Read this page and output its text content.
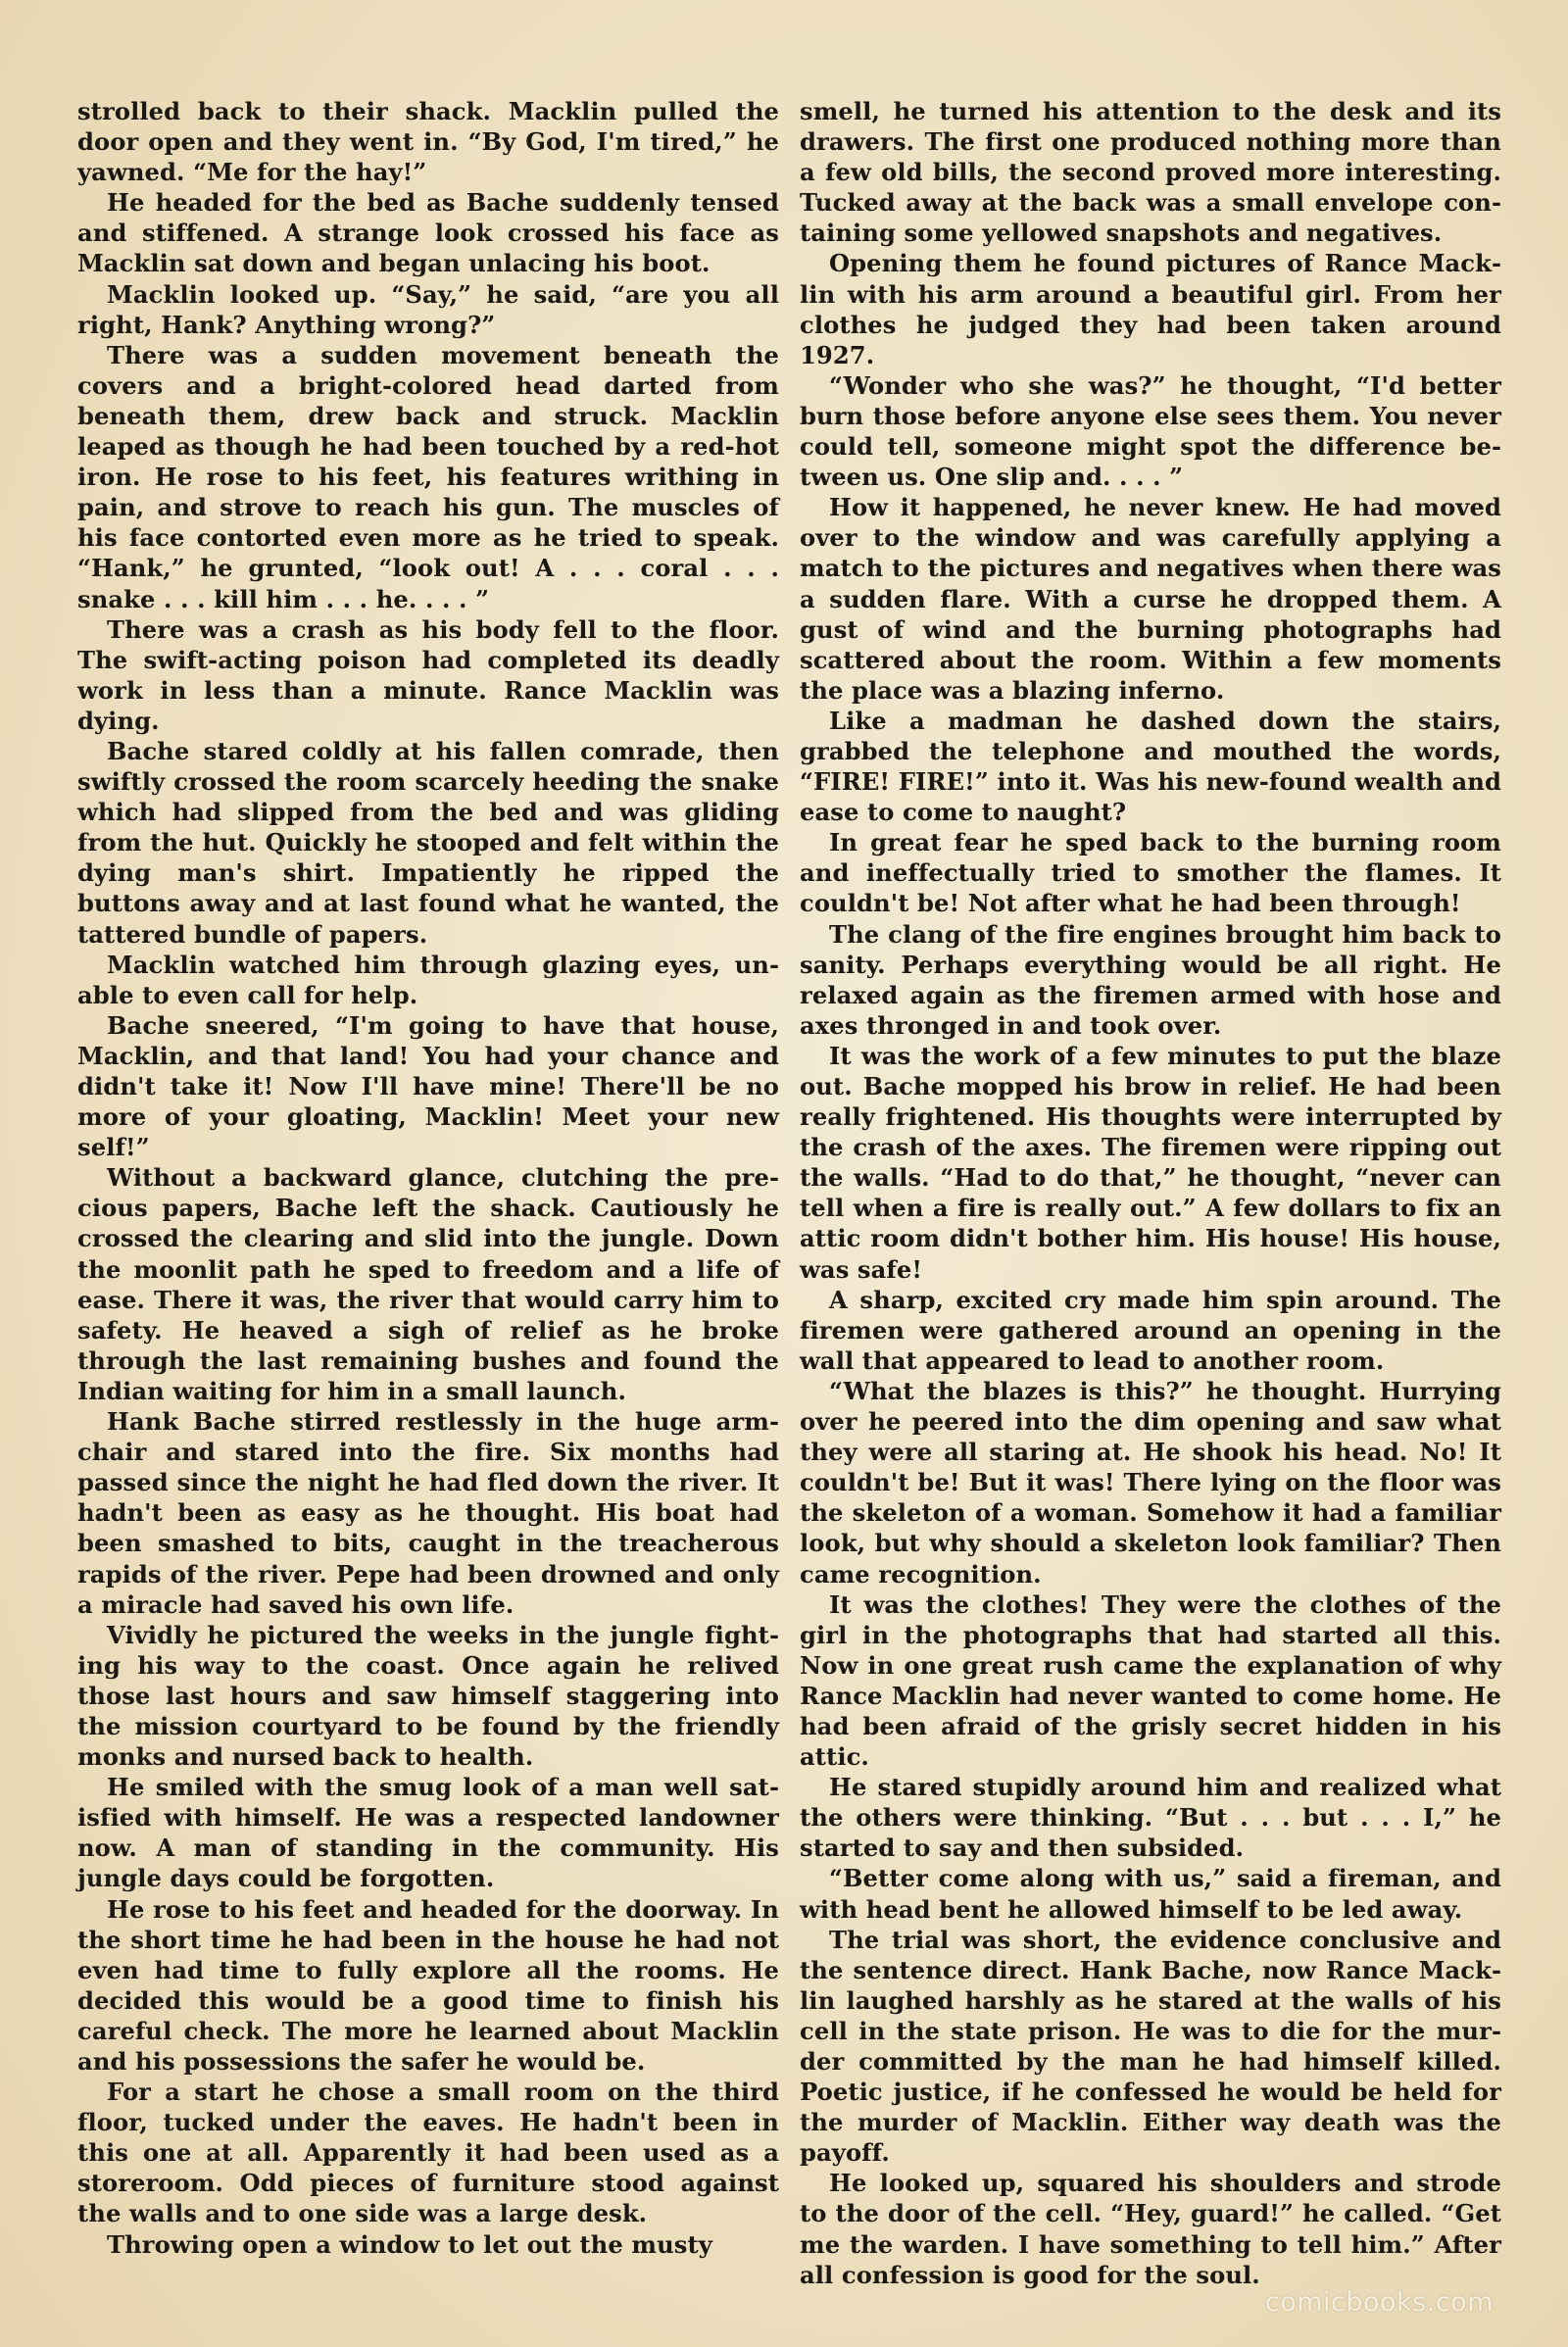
strolled back to their shack. Macklin pulled the door open and they went in. “By God, I'm tired,” he yawned. “Me for the hay!”

He headed for the bed as Bache suddenly tensed and stiffened. A strange look crossed his face as Macklin sat down and began unlacing his boot.

Macklin looked up. “Say,” he said, “are you all right, Hank? Anything wrong?”

There was a sudden movement beneath the covers and a bright-colored head darted from beneath them, drew back and struck. Macklin leaped as though he had been touched by a red-hot iron. He rose to his feet, his features writhing in pain, and strove to reach his gun. The muscles of his face contorted even more as he tried to speak. “Hank,” he grunted, “look out! A . . . coral . . . snake . . . kill him . . . he. . . . ”

There was a crash as his body fell to the floor. The swift-acting poison had completed its deadly work in less than a minute. Rance Macklin was dying.

Bache stared coldly at his fallen comrade, then swiftly crossed the room scarcely heeding the snake which had slipped from the bed and was gliding from the hut. Quickly he stooped and felt within the dying man's shirt. Impatiently he ripped the buttons away and at last found what he wanted, the tattered bundle of papers.

Macklin watched him through glazing eyes, unable to even call for help.

Bache sneered, “I'm going to have that house, Macklin, and that land! You had your chance and didn't take it! Now I'll have mine! There'll be no more of your gloating, Macklin! Meet your new self!”

Without a backward glance, clutching the precious papers, Bache left the shack. Cautiously he crossed the clearing and slid into the jungle. Down the moonlit path he sped to freedom and a life of ease. There it was, the river that would carry him to safety. He heaved a sigh of relief as he broke through the last remaining bushes and found the Indian waiting for him in a small launch.

Hank Bache stirred restlessly in the huge armchair and stared into the fire. Six months had passed since the night he had fled down the river. It hadn't been as easy as he thought. His boat had been smashed to bits, caught in the treacherous rapids of the river. Pepe had been drowned and only a miracle had saved his own life.

Vividly he pictured the weeks in the jungle fighting his way to the coast. Once again he relived those last hours and saw himself staggering into the mission courtyard to be found by the friendly monks and nursed back to health.

He smiled with the smug look of a man well satisfied with himself. He was a respected landowner now. A man of standing in the community. His jungle days could be forgotten.

He rose to his feet and headed for the doorway. In the short time he had been in the house he had not even had time to fully explore all the rooms. He decided this would be a good time to finish his careful check. The more he learned about Macklin and his possessions the safer he would be.

For a start he chose a small room on the third floor, tucked under the eaves. He hadn't been in this one at all. Apparently it had been used as a storeroom. Odd pieces of furniture stood against the walls and to one side was a large desk.

Throwing open a window to let out the musty

smell, he turned his attention to the desk and its drawers. The first one produced nothing more than a few old bills, the second proved more interesting. Tucked away at the back was a small envelope containing some yellowed snapshots and negatives.

Opening them he found pictures of Rance Macklin with his arm around a beautiful girl. From her clothes he judged they had been taken around 1927.

“Wonder who she was?” he thought, “I'd better burn those before anyone else sees them. You never could tell, someone might spot the difference between us. One slip and. . . . ”

How it happened, he never knew. He had moved over to the window and was carefully applying a match to the pictures and negatives when there was a sudden flare. With a curse he dropped them. A gust of wind and the burning photographs had scattered about the room. Within a few moments the place was a blazing inferno.

Like a madman he dashed down the stairs, grabbed the telephone and mouthed the words, “FIRE! FIRE!” into it. Was his new-found wealth and ease to come to naught?

In great fear he sped back to the burning room and ineffectually tried to smother the flames. It couldn't be! Not after what he had been through!

The clang of the fire engines brought him back to sanity. Perhaps everything would be all right. He relaxed again as the firemen armed with hose and axes thronged in and took over.

It was the work of a few minutes to put the blaze out. Bache mopped his brow in relief. He had been really frightened. His thoughts were interrupted by the crash of the axes. The firemen were ripping out the walls. “Had to do that,” he thought, “never can tell when a fire is really out.” A few dollars to fix an attic room didn't bother him. His house! His house, was safe!

A sharp, excited cry made him spin around. The firemen were gathered around an opening in the wall that appeared to lead to another room.

“What the blazes is this?” he thought. Hurrying over he peered into the dim opening and saw what they were all staring at. He shook his head. No! It couldn't be! But it was! There lying on the floor was the skeleton of a woman. Somehow it had a familiar look, but why should a skeleton look familiar? Then came recognition.

It was the clothes! They were the clothes of the girl in the photographs that had started all this. Now in one great rush came the explanation of why Rance Macklin had never wanted to come home. He had been afraid of the grisly secret hidden in his attic.

He stared stupidly around him and realized what the others were thinking. “But . . . but . . . I,” he started to say and then subsided.

“Better come along with us,” said a fireman, and with head bent he allowed himself to be led away.

The trial was short, the evidence conclusive and the sentence direct. Hank Bache, now Rance Macklin laughed harshly as he stared at the walls of his cell in the state prison. He was to die for the murder committed by the man he had himself killed. Poetic justice, if he confessed he would be held for the murder of Macklin. Either way death was the payoff.

He looked up, squared his shoulders and strode to the door of the cell. “Hey, guard!” he called. “Get me the warden. I have something to tell him.” After all confession is good for the soul.

comicbooks.com
